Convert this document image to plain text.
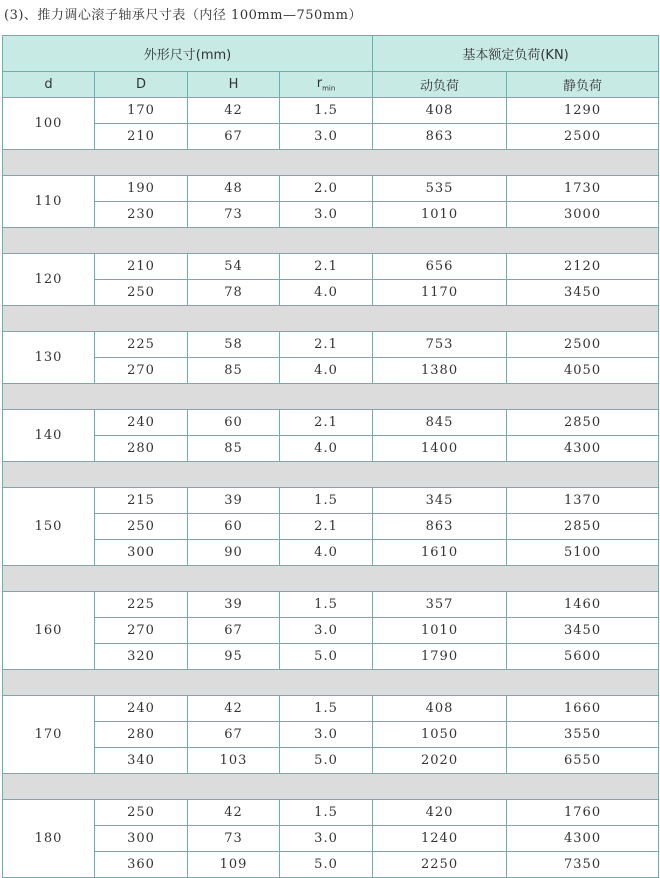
(3)、推力调心滚子轴承尺寸表（内径 100mm—750mm）
外形尺寸(mm)				基本额定负荷(KN)	
d	D	H	$r_{min}$	动负荷	静负荷
100	170	42	1.5	408	1290
	210	67	3.0	863	2500

110	190	48	2.0	535	1730
	230	73	3.0	1010	3000

120	210	54	2.1	656	2120
	250	78	4.0	1170	3450

130	225	58	2.1	753	2500
	270	85	4.0	1380	4050

140	240	60	2.1	845	2850
	280	85	4.0	1400	4300

150	215	39	1.5	345	1370
	250	60	2.1	863	2850
	300	90	4.0	1610	5100

160	225	39	1.5	357	1460
	270	67	3.0	1010	3450
	320	95	5.0	1790	5600

170	240	42	1.5	408	1660
	280	67	3.0	1050	3550
	340	103	5.0	2020	6550

180	250	42	1.5	420	1760
	300	73	3.0	1240	4300
	360	109	5.0	2250	7350
